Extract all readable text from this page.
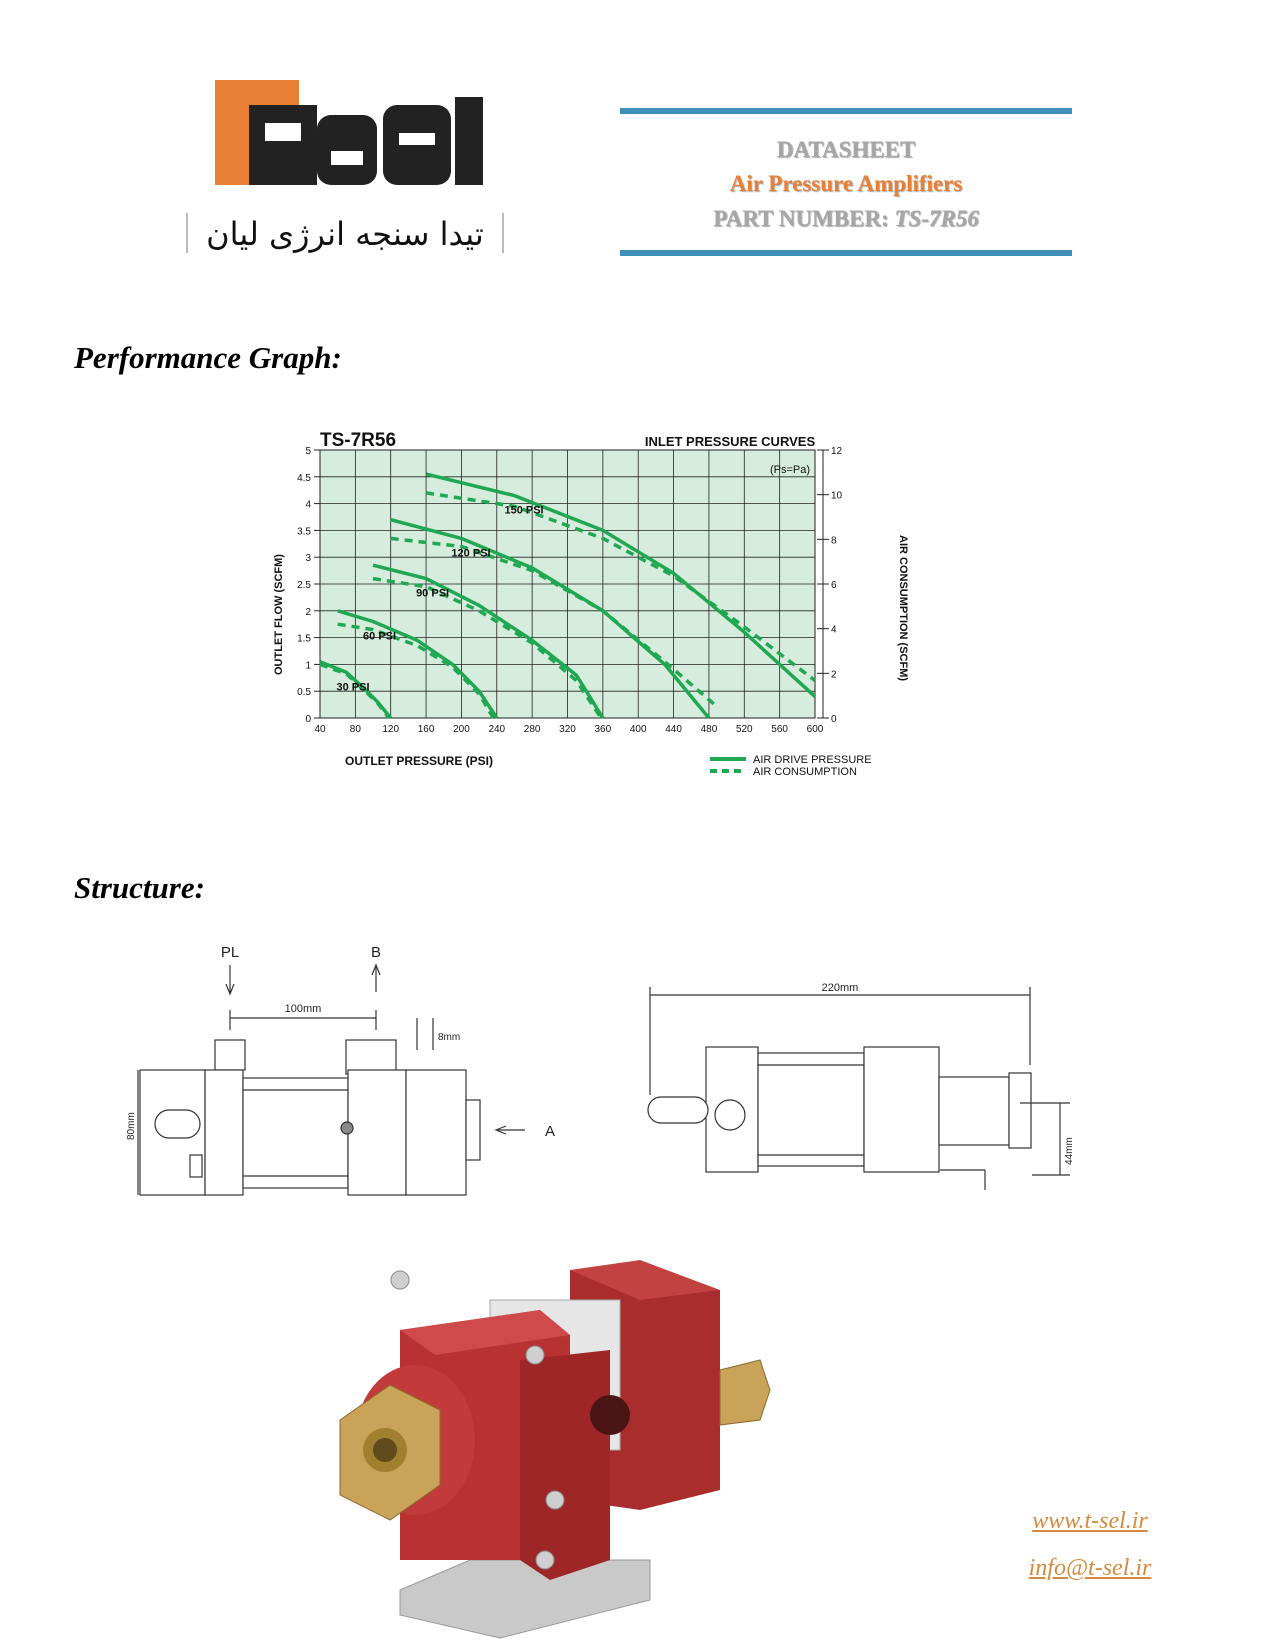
تیدا سنجه انرژی لیان
DATASHEET
Air Pressure Amplifiers
PART NUMBER: TS-7R56
Performance Graph:
40 80 120 160 200 240 280 320 360 400 440 480 520 560 600
0
0.5
1
1.5
2
2.5
3
3.5
4
4.5
5
0
2
4
6
8
10
12
30 PSI
60 PSI
90 PSI
120 PSI
150 PSI
TS-7R56	INLET PRESSURE CURVES
(Ps=Pa)
OUTLET PRESSURE (PSI)
OUTLET FLOW (SCFM)	AIR CONSUMPTION (SCFM)
AIR DRIVE PRESSURE
AIR CONSUMPTION
Structure:
PL	B
100mm
8mm
80mm	A
220mm
44mm
www.t-sel.ir
info@t-sel.ir
